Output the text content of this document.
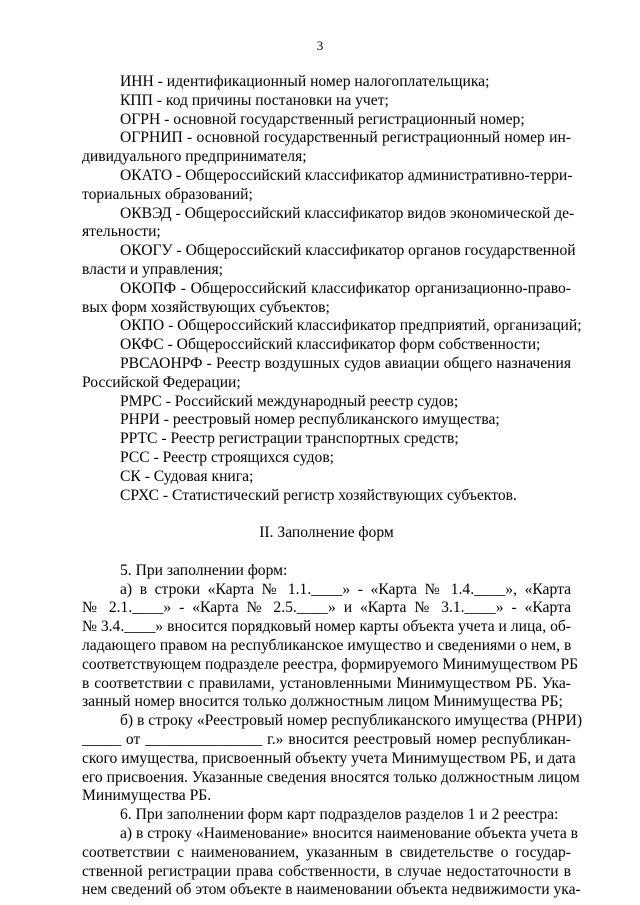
3
ИНН - идентификационный номер налогоплательщика;
КПП - код причины постановки на учет;
ОГРН - основной государственный регистрационный номер;
ОГРНИП - основной государственный регистрационный номер ин-
дивидуального предпринимателя;
ОКАТО - Общероссийский классификатор административно-терри-
ториальных образований;
ОКВЭД - Общероссийский классификатор видов экономической де-
ятельности;
ОКОГУ - Общероссийский классификатор органов государственной
власти и управления;
ОКОПФ - Общероссийский классификатор организационно-право-
вых форм хозяйствующих субъектов;
ОКПО - Общероссийский классификатор предприятий, организаций;
ОКФС - Общероссийский классификатор форм собственности;
РВСАОНРФ - Реестр воздушных судов авиации общего назначения
Российской Федерации;
РМРС - Российский международный реестр судов;
РНРИ - реестровый номер республиканского имущества;
РРТС - Реестр регистрации транспортных средств;
РСС - Реестр строящихся судов;
СК - Судовая книга;
СРХС - Статистический регистр хозяйствующих субъектов.
II. Заполнение форм
5. При заполнении форм:
а) в строки «Карта № 1.1.____» - «Карта № 1.4.____», «Карта
№ 2.1.____» - «Карта № 2.5.____» и «Карта № 3.1.____» - «Карта
№ 3.4.____» вносится порядковый номер карты объекта учета и лица, об-
ладающего правом на республиканское имущество и сведениями о нем, в
соответствующем подразделе реестра, формируемого Минимуществом РБ
в соответствии с правилами, установленными Минимуществом РБ. Ука-
занный номер вносится только должностным лицом Минимущества РБ;
б) в строку «Реестровый номер республиканского имущества (РНРИ)
_____ от _______________ г.» вносится реестровый номер республикан-
ского имущества, присвоенный объекту учета Минимуществом РБ, и дата
его присвоения. Указанные сведения вносятся только должностным лицом
Минимущества РБ.
6. При заполнении форм карт подразделов разделов 1 и 2 реестра:
а) в строку «Наименование» вносится наименование объекта учета в
соответствии с наименованием, указанным в свидетельстве о государ-
ственной регистрации права собственности, в случае недостаточности в
нем сведений об этом объекте в наименовании объекта недвижимости ука-
